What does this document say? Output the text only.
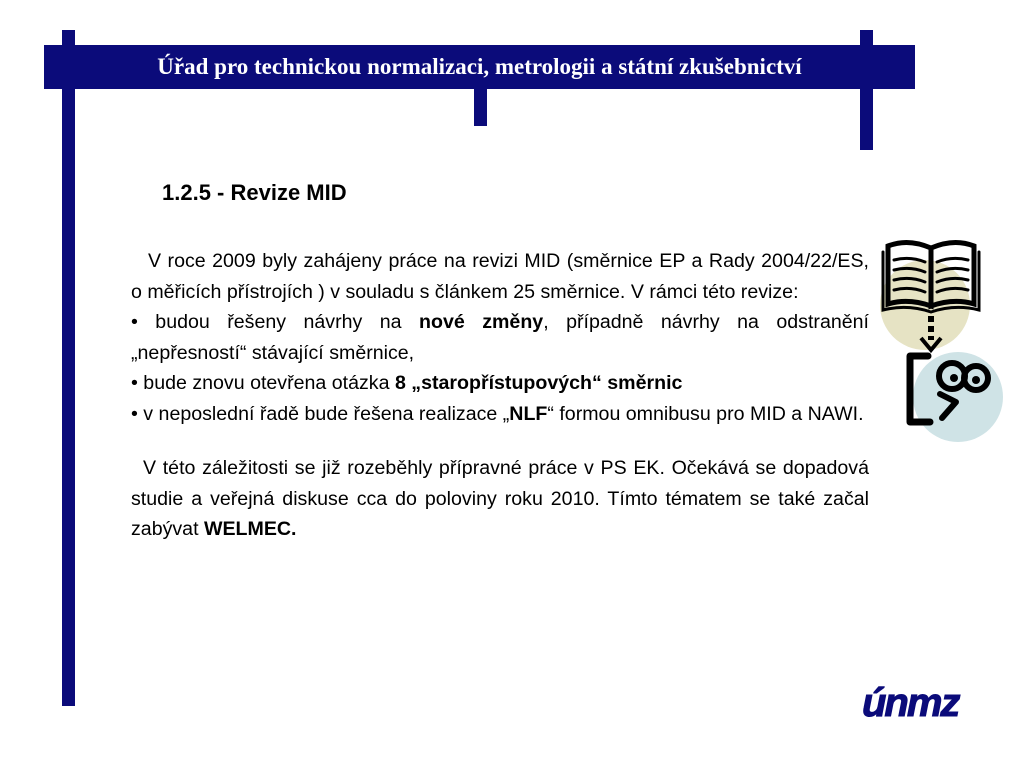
Úřad pro technickou normalizaci, metrologii a státní zkušebnictví
1.2.5 - Revize MID

V roce 2009 byly zahájeny práce na revizi MID (směrnice EP a Rady 2004/22/ES, o měřicích přístrojích ) v souladu s článkem 25 směrnice. V rámci této revize:

• budou řešeny návrhy na nové změny, případně návrhy na odstranění „nepřesností“ stávající směrnice,

• bude znovu otevřena otázka 8 „staropřístupových“ směrnic

• v neposlední řadě bude řešena realizace „NLF“ formou omnibusu pro MID a NAWI.

V této záležitosti se již rozeběhly přípravné práce v PS EK. Očekává se dopadová studie a veřejná diskuse cca do poloviny roku 2010. Tímto tématem se také začal zabývat WELMEC.

únmz
